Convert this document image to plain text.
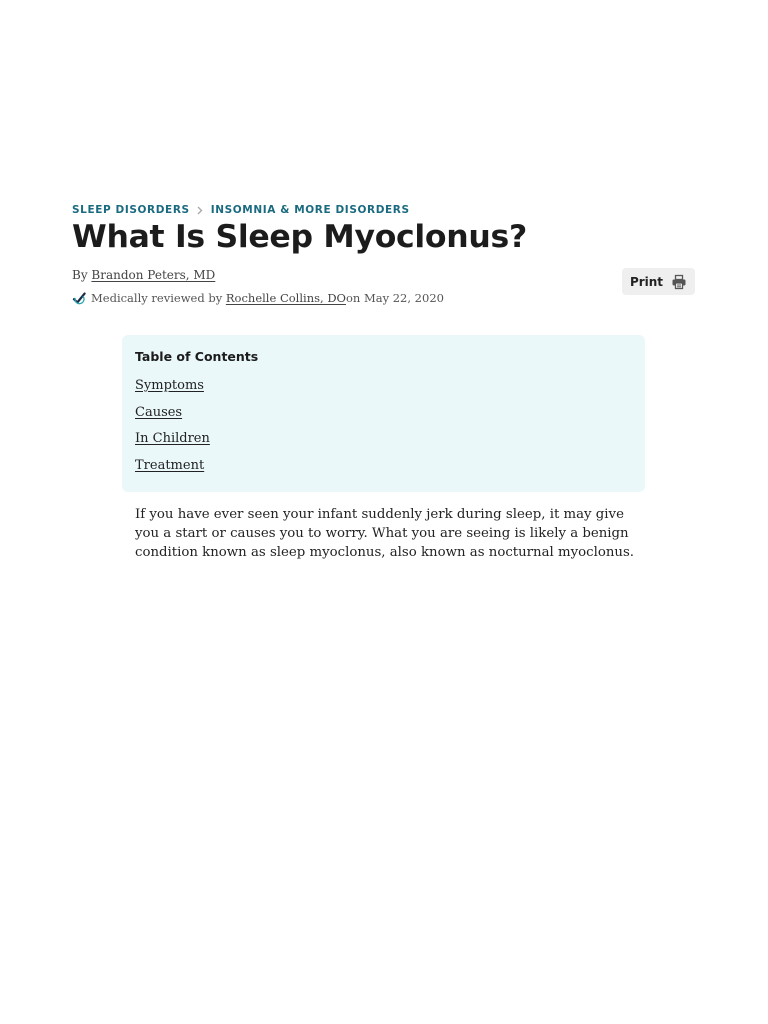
SLEEP DISORDERS INSOMNIA & MORE DISORDERS
What Is Sleep Myoclonus?
By Brandon Peters, MD
Medically reviewed by
Rochelle Collins, DO on May 22, 2020
Print
Table of Contents
Symptoms
Causes
In Children
Treatment

If you have ever seen your infant suddenly jerk during sleep, it may give you a start or causes you to worry. What you are seeing is likely a benign condition known as sleep myoclonus, also known as nocturnal myoclonus.
